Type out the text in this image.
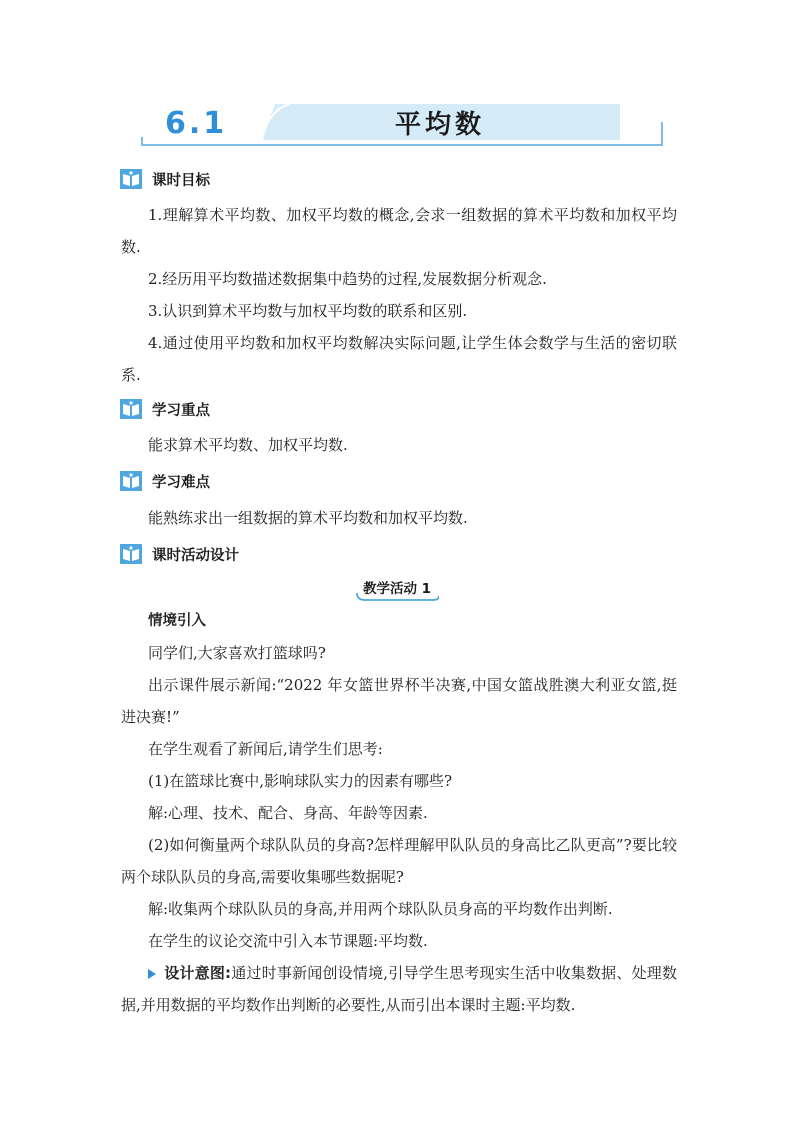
6.1	平均数
课时目标
1.理解算术平均数、加权平均数的概念,会求一组数据的算术平均数和加权平均数.
2.经历用平均数描述数据集中趋势的过程,发展数据分析观念.
3.认识到算术平均数与加权平均数的联系和区别.
4.通过使用平均数和加权平均数解决实际问题,让学生体会数学与生活的密切联系.
学习重点
能求算术平均数、加权平均数.
学习难点
能熟练求出一组数据的算术平均数和加权平均数.
课时活动设计
教学活动 1
情境引入
同学们,大家喜欢打篮球吗?
出示课件展示新闻:“2022 年女篮世界杯半决赛,中国女篮战胜澳大利亚女篮,挺进决赛!”
在学生观看了新闻后,请学生们思考:
(1)在篮球比赛中,影响球队实力的因素有哪些?
解:心理、技术、配合、身高、年龄等因素.
(2)如何衡量两个球队队员的身高?怎样理解甲队队员的身高比乙队更高”?要比较两个球队队员的身高,需要收集哪些数据呢?
解:收集两个球队队员的身高,并用两个球队队员身高的平均数作出判断.
在学生的议论交流中引入本节课题:平均数.
设计意图:通过时事新闻创设情境,引导学生思考现实生活中收集数据、处理数据,并用数据的平均数作出判断的必要性,从而引出本课时主题:平均数.
